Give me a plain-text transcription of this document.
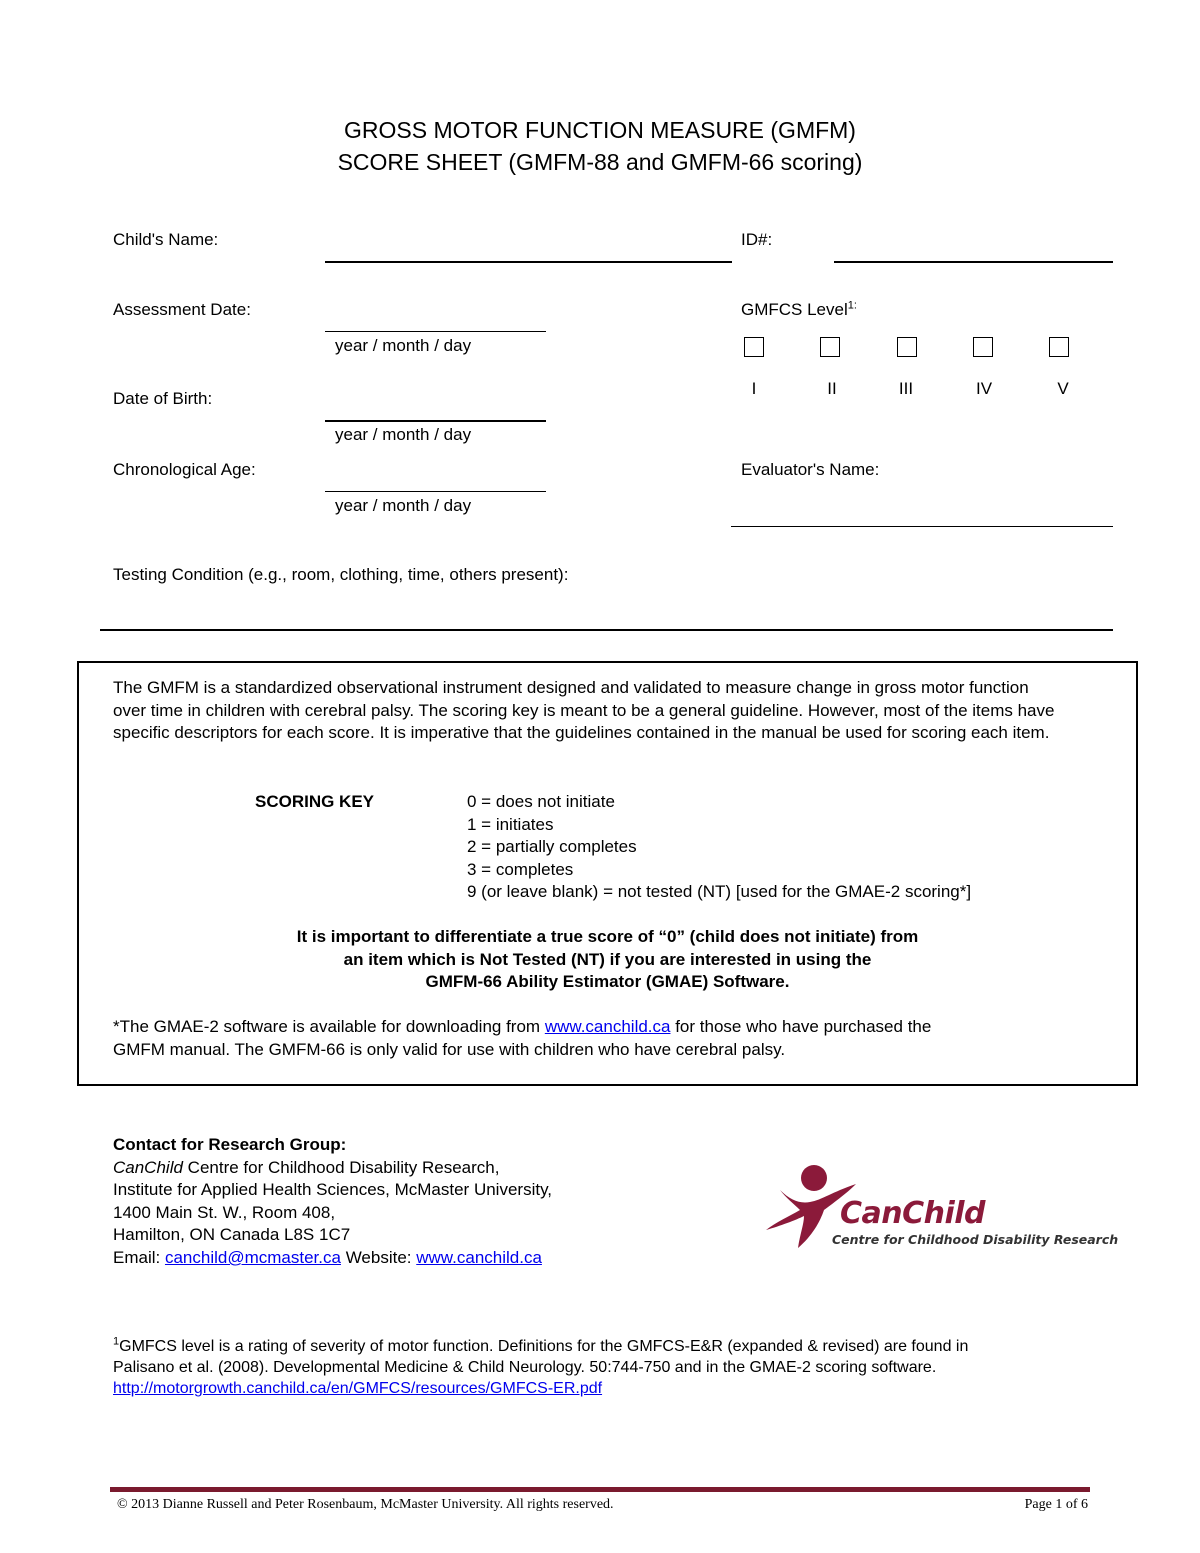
GROSS MOTOR FUNCTION MEASURE (GMFM)
SCORE SHEET (GMFM-88 and GMFM-66 scoring)
Child's Name:	ID#:
Assessment Date:
year / month / day
GMFCS Level$^{1:}$
I	II	III	IV	V
Date of Birth:
year / month / day
Chronological Age:
year / month / day
Evaluator's Name:
Testing Condition (e.g., room, clothing, time, others present):
The GMFM is a standardized observational instrument designed and validated to measure change in gross motor function over time in children with cerebral palsy. The scoring key is meant to be a general guideline. However, most of the items have specific descriptors for each score. It is imperative that the guidelines contained in the manual be used for scoring each item.
SCORING KEY	0 = does not initiate
1 = initiates
2 = partially completes
3 = completes
9 (or leave blank) = not tested (NT) [used for the GMAE-2 scoring*]
It is important to differentiate a true score of “0” (child does not initiate) from
an item which is Not Tested (NT) if you are interested in using the
GMFM-66 Ability Estimator (GMAE) Software.
*The GMAE-2 software is available for downloading from www.canchild.ca for those who have purchased the
GMFM manual. The GMFM-66 is only valid for use with children who have cerebral palsy.
Contact for Research Group:
CanChild Centre for Childhood Disability Research,
Institute for Applied Health Sciences, McMaster University,
1400 Main St. W., Room 408,
Hamilton, ON Canada L8S 1C7
Email: canchild@mcmaster.ca Website: www.canchild.ca
CanChild
Centre for Childhood Disability Research
$^1$GMFCS level is a rating of severity of motor function. Definitions for the GMFCS-E&R (expanded & revised) are found in
Palisano et al. (2008). Developmental Medicine & Child Neurology. 50:744-750 and in the GMAE-2 scoring software.
http://motorgrowth.canchild.ca/en/GMFCS/resources/GMFCS-ER.pdf
© 2013 Dianne Russell and Peter Rosenbaum, McMaster University. All rights reserved.	Page 1 of 6
